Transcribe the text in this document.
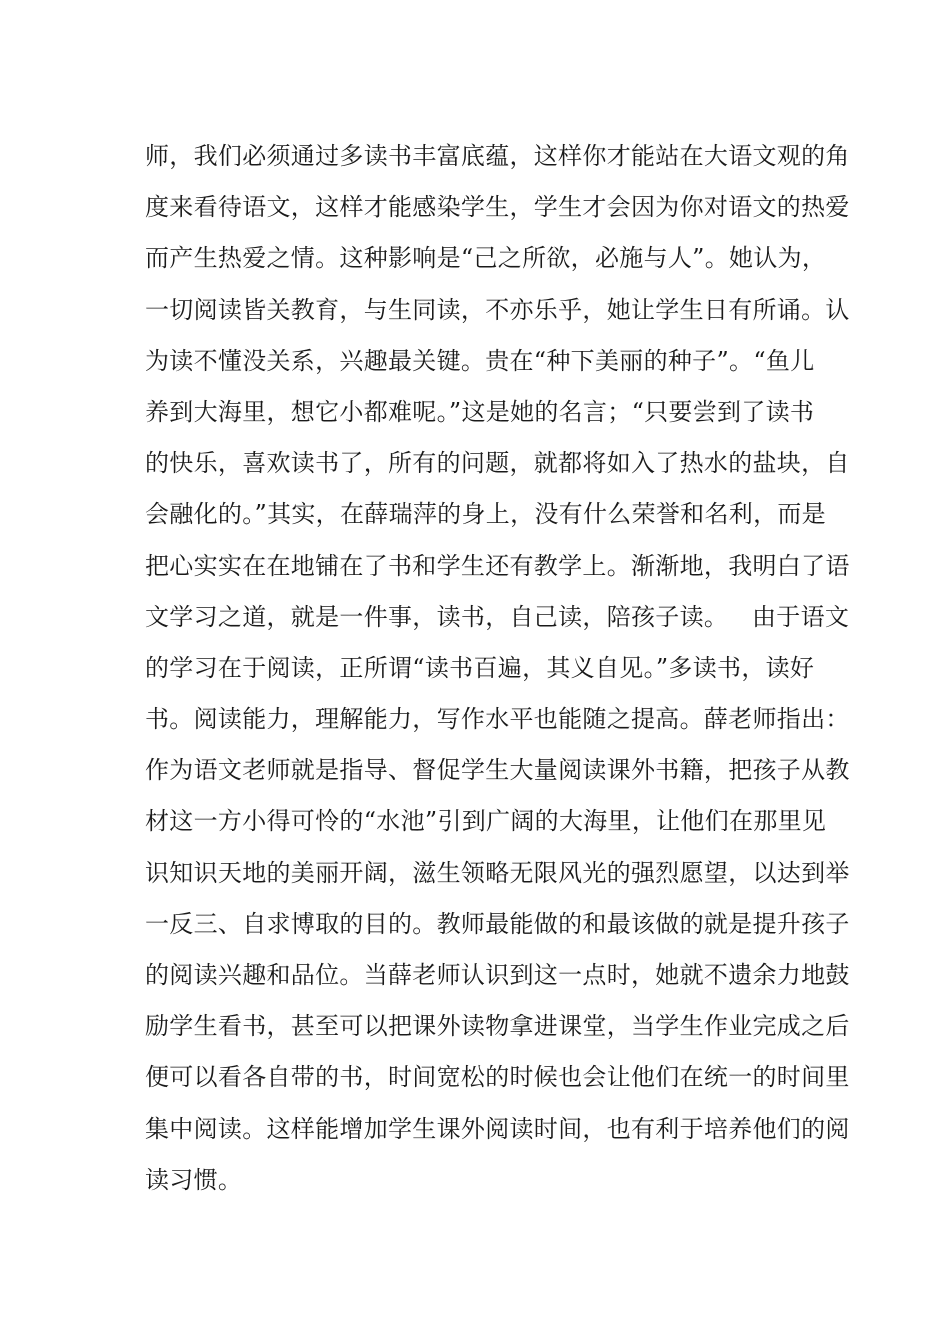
师，我们必须通过多读书丰富底蕴，这样你才能站在大语文观的角
度来看待语文，这样才能感染学生，学生才会因为你对语文的热爱
而产生热爱之情。这种影响是“己之所欲，必施与人”。她认为，
一切阅读皆关教育，与生同读，不亦乐乎，她让学生日有所诵。认
为读不懂没关系，兴趣最关键。贵在“种下美丽的种子”。“鱼儿
养到大海里，想它小都难呢。”这是她的名言；“只要尝到了读书
的快乐，喜欢读书了，所有的问题，就都将如入了热水的盐块，自
会融化的。”其实，在薛瑞萍的身上，没有什么荣誉和名利，而是
把心实实在在地铺在了书和学生还有教学上。渐渐地，我明白了语
文学习之道，就是一件事，读书，自己读，陪孩子读。   由于语文
的学习在于阅读，正所谓“读书百遍，其义自见。”多读书，读好
书。阅读能力，理解能力，写作水平也能随之提高。薛老师指出：
作为语文老师就是指导、督促学生大量阅读课外书籍，把孩子从教
材这一方小得可怜的“水池”引到广阔的大海里，让他们在那里见
识知识天地的美丽开阔，滋生领略无限风光的强烈愿望，以达到举
一反三、自求博取的目的。教师最能做的和最该做的就是提升孩子
的阅读兴趣和品位。当薛老师认识到这一点时，她就不遗余力地鼓
励学生看书，甚至可以把课外读物拿进课堂，当学生作业完成之后
便可以看各自带的书，时间宽松的时候也会让他们在统一的时间里
集中阅读。这样能增加学生课外阅读时间，也有利于培养他们的阅
读习惯。
